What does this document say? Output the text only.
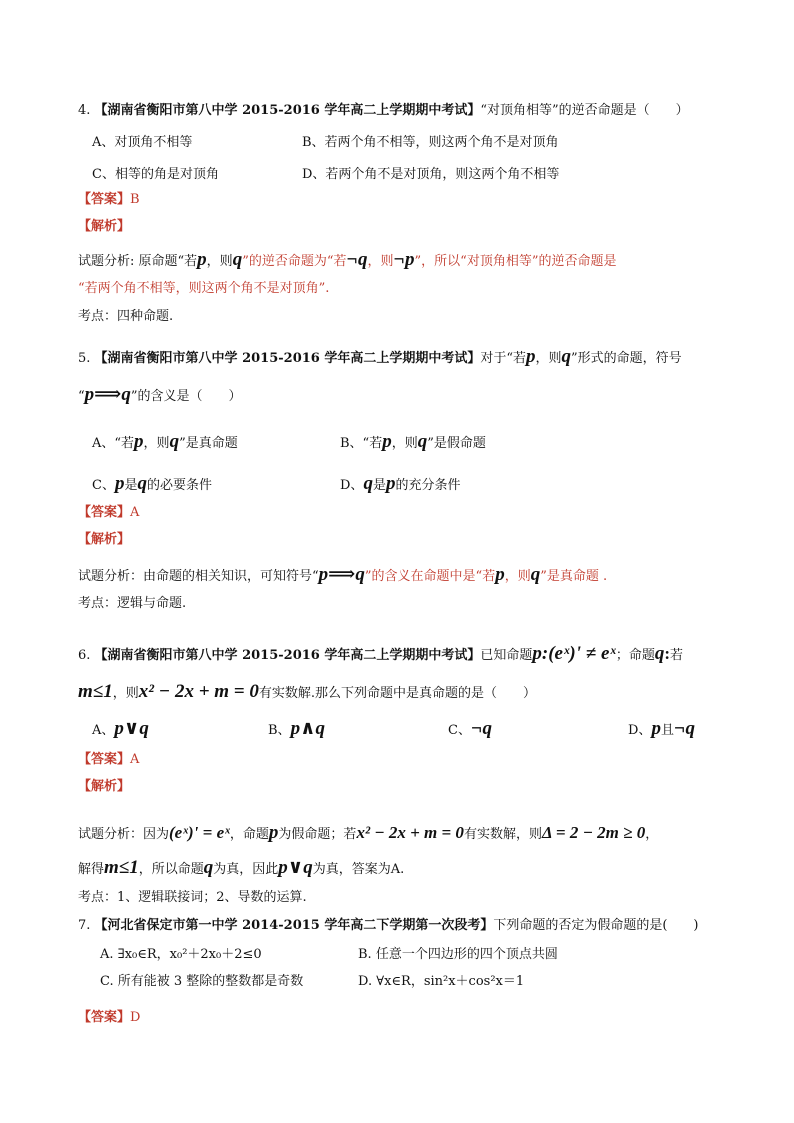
4. 【湖南省衡阳市第八中学 2015-2016 学年高二上学期期中考试】“对顶角相等”的逆否命题是（　　）
A、对顶角不相等	B、若两个角不相等，则这两个角不是对顶角
C、相等的角是对顶角	D、若两个角不是对顶角，则这两个角不相等
【答案】B
【解析】
试题分析: 原命题“若p，则q”的逆否命题为“若¬q，则¬p”，所以“对顶角相等”的逆否命题是
“若两个角不相等，则这两个角不是对顶角”.
考点：四种命题.
5. 【湖南省衡阳市第八中学 2015-2016 学年高二上学期期中考试】对于“若p，则q”形式的命题，符号
“p⟹q”的含义是（　　）
A、“若p，则q”是真命题	B、“若p，则q”是假命题
C、p是q的必要条件	D、q是p的充分条件
【答案】A
【解析】
试题分析：由命题的相关知识，可知符号“p⟹q”的含义在命题中是“若p，则q”是真命题 .
考点：逻辑与命题.
6. 【湖南省衡阳市第八中学 2015-2016 学年高二上学期期中考试】已知命题p:(eˣ)' ≠ eˣ；命题q:若
m≤1，则x² − 2x + m = 0有实数解.那么下列命题中是真命题的是（　　）
A、p∨q	B、p∧q	C、¬q	D、p且¬q
【答案】A
【解析】
试题分析：因为(eˣ)' = eˣ，命题p为假命题；若x² − 2x + m = 0有实数解，则Δ = 2 − 2m ≥ 0，
解得m≤1，所以命题q为真，因此p∨q为真，答案为A.
考点：1、逻辑联接词；2、导数的运算.
7. 【河北省保定市第一中学 2014-2015 学年高二下学期第一次段考】下列命题的否定为假命题的是(　　)
A. ∃x₀∈R，x₀²＋2x₀＋2≤0	B. 任意一个四边形的四个顶点共圆
C. 所有能被 3 整除的整数都是奇数	D. ∀x∈R，sin²x＋cos²x＝1
【答案】D
